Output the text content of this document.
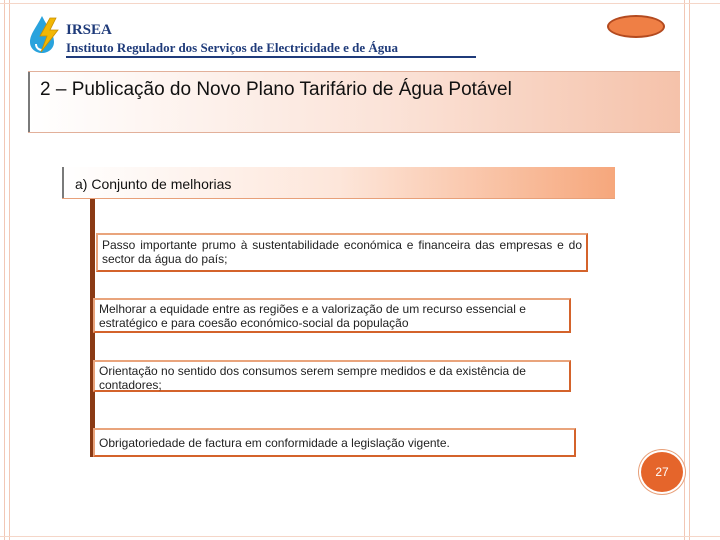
IRSEA
Instituto Regulador dos Serviços de Electricidade e de Água
2 – Publicação do Novo Plano Tarifário de Água Potável
a) Conjunto de melhorias
Passo importante prumo à sustentabilidade económica e financeira das empresas e do sector da água do país;
Melhorar a equidade entre as regiões e a valorização de um recurso essencial e estratégico e para coesão económico-social da população
Orientação no sentido dos consumos serem sempre medidos e da existência de contadores;
Obrigatoriedade de factura em conformidade a legislação vigente.
27
